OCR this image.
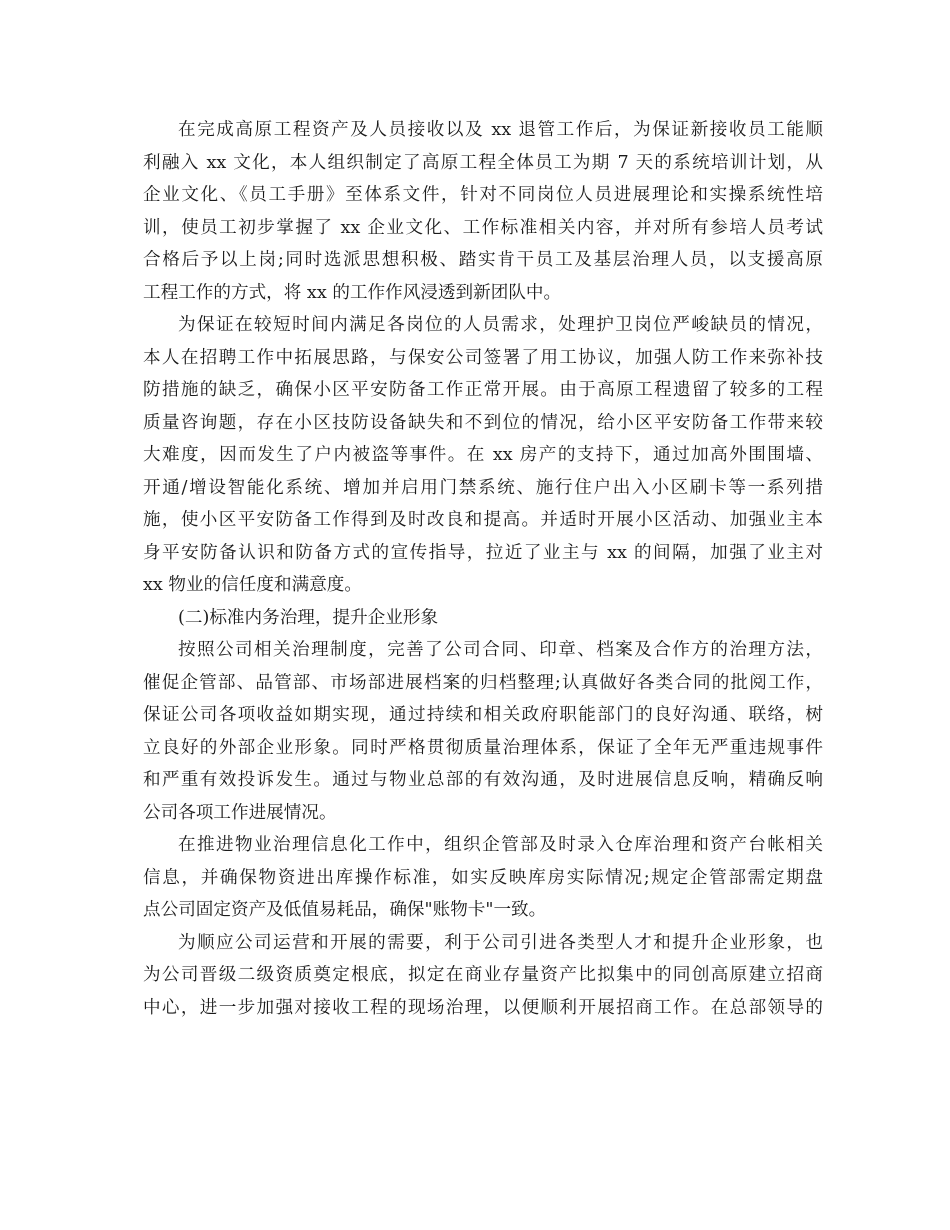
在完成高原工程资产及人员接收以及 xx 退管工作后，为保证新接收员工能顺
利融入 xx 文化，本人组织制定了高原工程全体员工为期 7 天的系统培训计划，从
企业文化、《员工手册》至体系文件，针对不同岗位人员进展理论和实操系统性培
训，使员工初步掌握了 xx 企业文化、工作标准相关内容，并对所有参培人员考试
合格后予以上岗;同时选派思想积极、踏实肯干员工及基层治理人员，以支援高原
工程工作的方式，将 xx 的工作作风浸透到新团队中。
为保证在较短时间内满足各岗位的人员需求，处理护卫岗位严峻缺员的情况，
本人在招聘工作中拓展思路，与保安公司签署了用工协议，加强人防工作来弥补技
防措施的缺乏，确保小区平安防备工作正常开展。由于高原工程遗留了较多的工程
质量咨询题，存在小区技防设备缺失和不到位的情况，给小区平安防备工作带来较
大难度，因而发生了户内被盗等事件。在 xx 房产的支持下，通过加高外围围墙、
开通/增设智能化系统、增加并启用门禁系统、施行住户出入小区刷卡等一系列措
施，使小区平安防备工作得到及时改良和提高。并适时开展小区活动、加强业主本
身平安防备认识和防备方式的宣传指导，拉近了业主与 xx 的间隔，加强了业主对
xx 物业的信任度和满意度。
(二)标准内务治理，提升企业形象
按照公司相关治理制度，完善了公司合同、印章、档案及合作方的治理方法，
催促企管部、品管部、市场部进展档案的归档整理;认真做好各类合同的批阅工作，
保证公司各项收益如期实现，通过持续和相关政府职能部门的良好沟通、联络，树
立良好的外部企业形象。同时严格贯彻质量治理体系，保证了全年无严重违规事件
和严重有效投诉发生。通过与物业总部的有效沟通，及时进展信息反响，精确反响
公司各项工作进展情况。
在推进物业治理信息化工作中，组织企管部及时录入仓库治理和资产台帐相关
信息，并确保物资进出库操作标准，如实反映库房实际情况;规定企管部需定期盘
点公司固定资产及低值易耗品，确保"账物卡"一致。
为顺应公司运营和开展的需要，利于公司引进各类型人才和提升企业形象，也
为公司晋级二级资质奠定根底，拟定在商业存量资产比拟集中的同创高原建立招商
中心，进一步加强对接收工程的现场治理，以便顺利开展招商工作。在总部领导的
